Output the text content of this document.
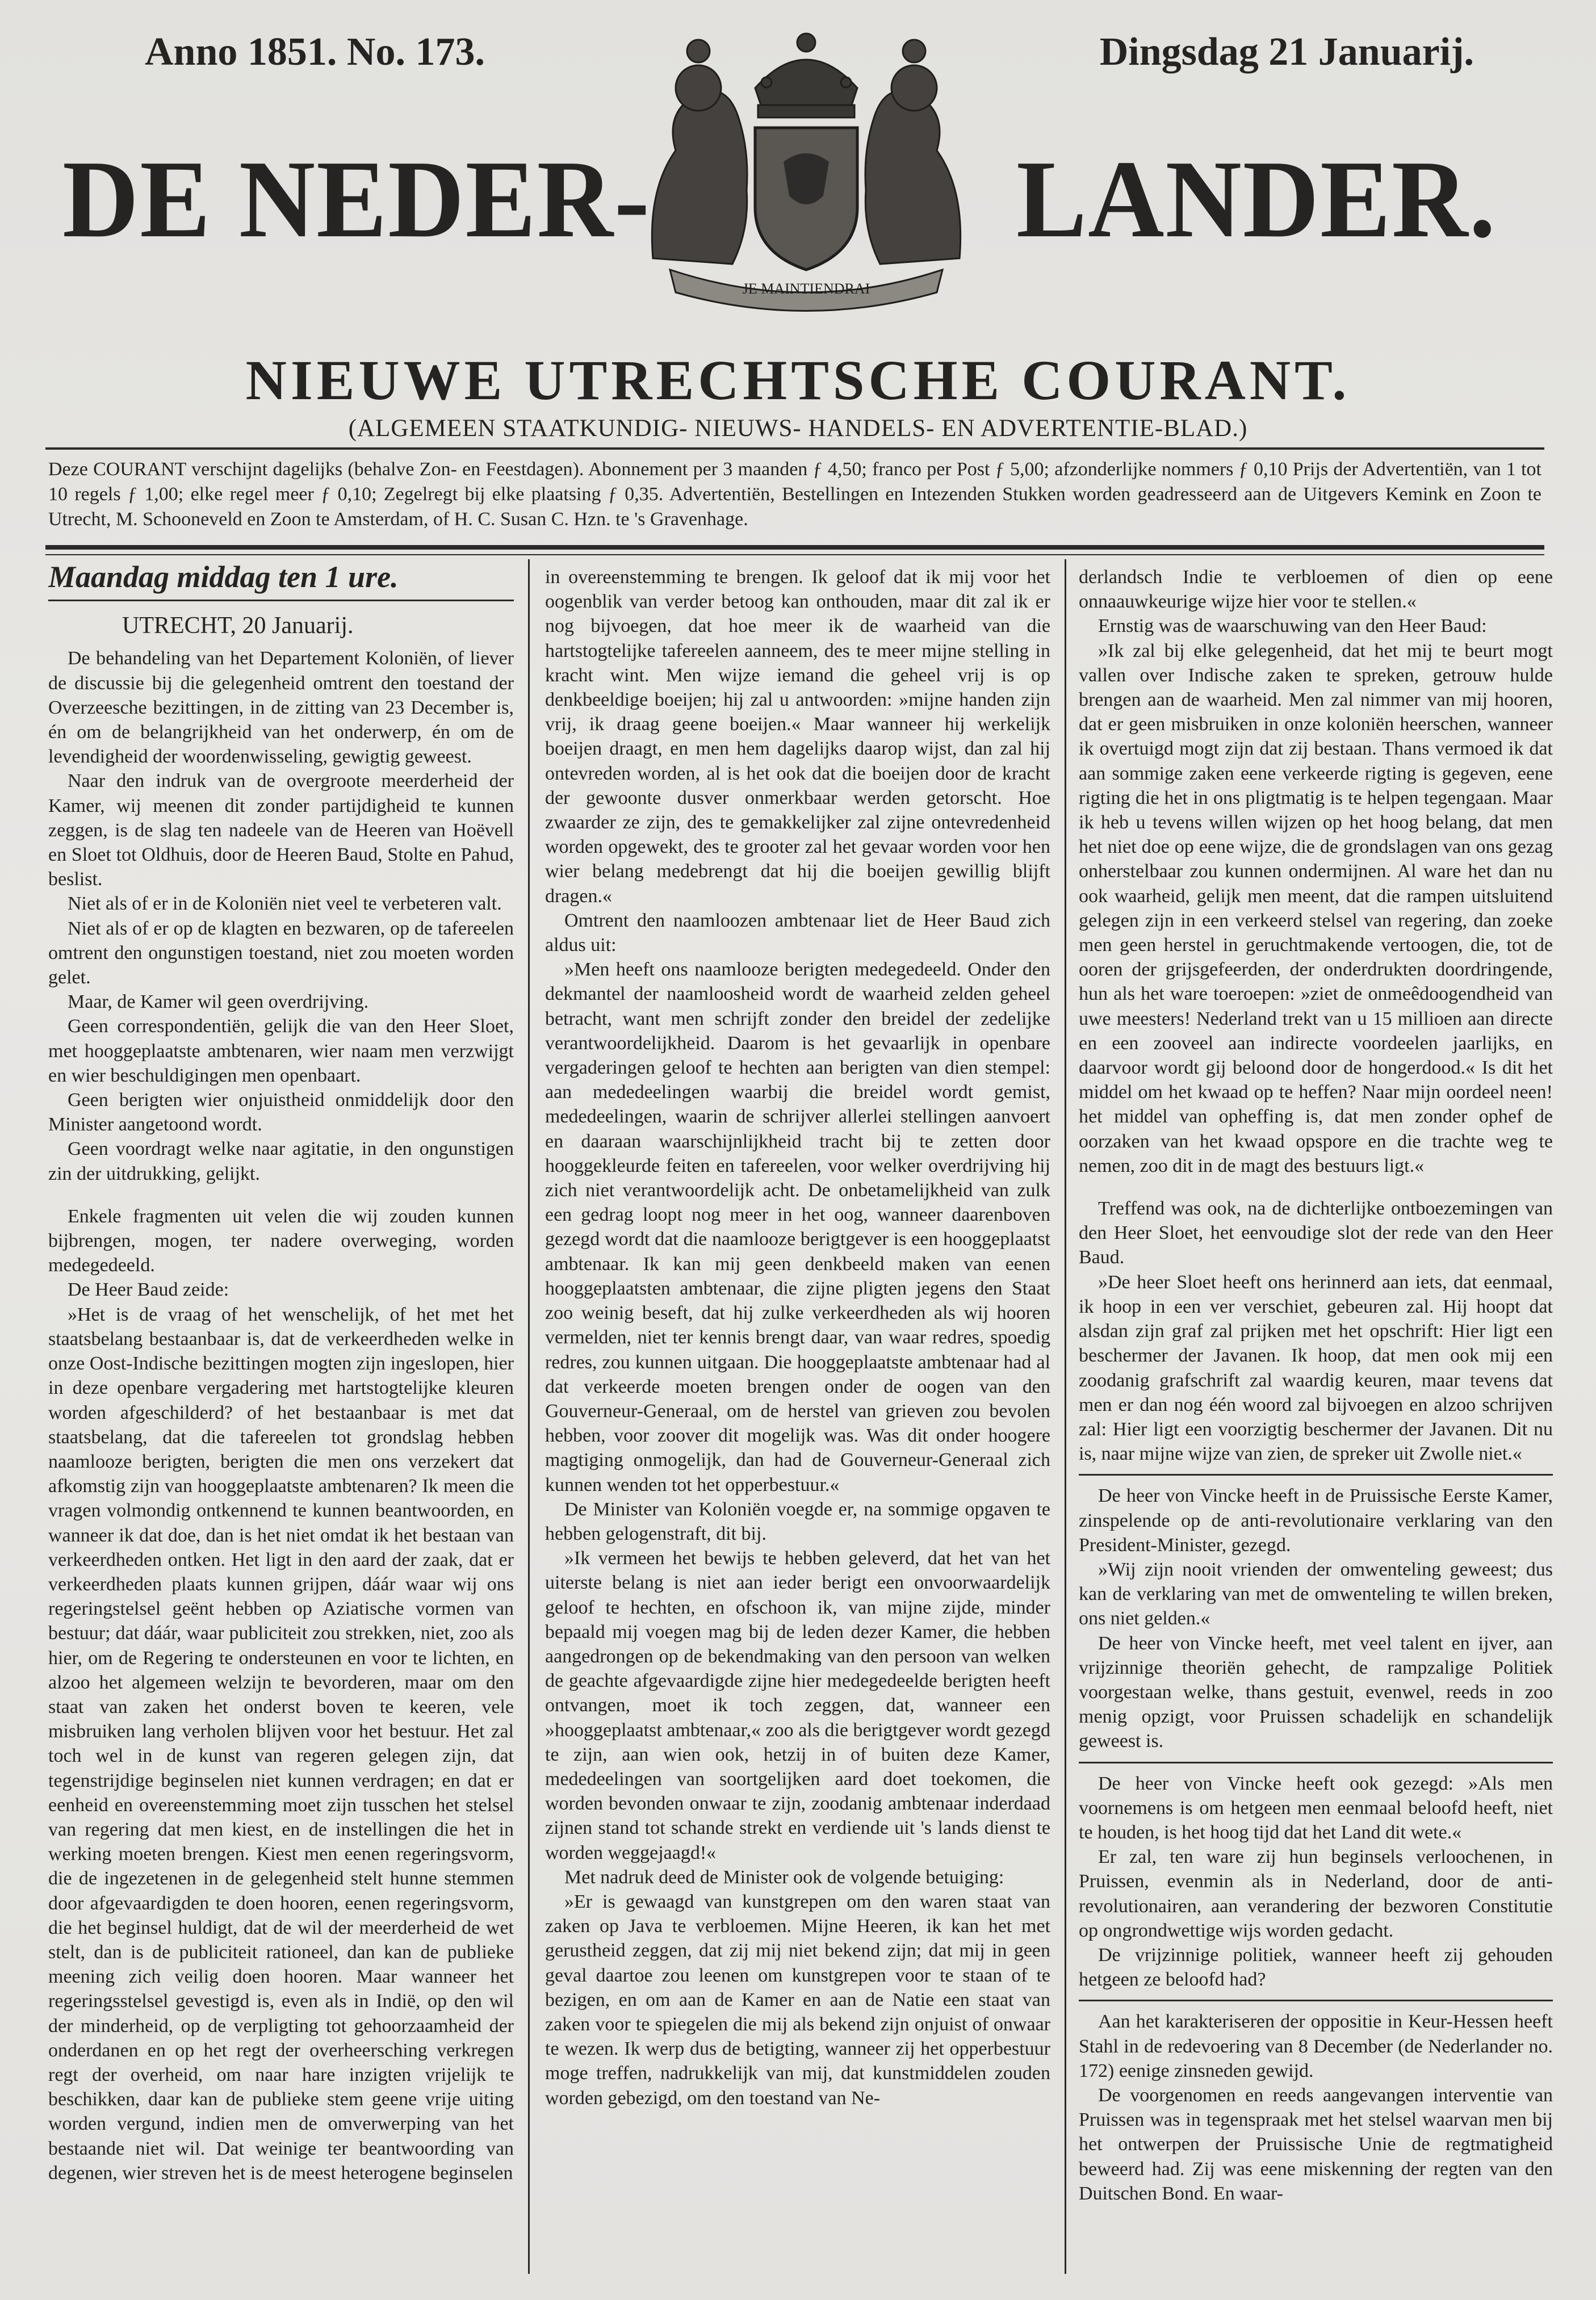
Anno 1851. No. 173.	Dingsdag 21 Januarij.
DE NEDER-	LANDER.
JE MAINTIENDRAI
NIEUWE UTRECHTSCHE COURANT.
(ALGEMEEN STAATKUNDIG- NIEUWS- HANDELS- EN ADVERTENTIE-BLAD.)
Deze COURANT verschijnt dagelijks (behalve Zon- en Feestdagen). Abonnement per 3 maanden ƒ 4,50; franco per Post ƒ 5,00; afzonderlijke nommers ƒ 0,10 Prijs der Advertentiën, van 1 tot 10 regels ƒ 1,00; elke regel meer ƒ 0,10; Zegelregt bij elke plaatsing ƒ 0,35. Advertentiën, Bestellingen en Intezenden Stukken worden geadresseerd aan de Uitgevers Kemink en Zoon te Utrecht, M. Schooneveld en Zoon te Amsterdam, of H. C. Susan C. Hzn. te 's Gravenhage.
Maandag middag ten 1 ure.
UTRECHT, 20 Januarij.

De behandeling van het Departement Koloniën, of liever de discussie bij die gelegenheid omtrent den toestand der Overzeesche bezittingen, in de zitting van 23 December is, én om de belangrijkheid van het onderwerp, én om de levendigheid der woordenwisseling, gewigtig geweest.

Naar den indruk van de overgroote meerderheid der Kamer, wij meenen dit zonder partijdigheid te kunnen zeggen, is de slag ten nadeele van de Heeren van Hoëvell en Sloet tot Oldhuis, door de Heeren Baud, Stolte en Pahud, beslist.

Niet als of er in de Koloniën niet veel te verbeteren valt.

Niet als of er op de klagten en bezwaren, op de tafereelen omtrent den ongunstigen toestand, niet zou moeten worden gelet.

Maar, de Kamer wil geen overdrijving.

Geen correspondentiën, gelijk die van den Heer Sloet, met hooggeplaatste ambtenaren, wier naam men verzwijgt en wier beschuldigingen men openbaart.

Geen berigten wier onjuistheid onmiddelijk door den Minister aangetoond wordt.

Geen voordragt welke naar agitatie, in den ongunstigen zin der uitdrukking, gelijkt.

Enkele fragmenten uit velen die wij zouden kunnen bijbrengen, mogen, ter nadere overweging, worden medegedeeld.

De Heer Baud zeide:

»Het is de vraag of het wenschelijk, of het met het staatsbelang bestaanbaar is, dat de verkeerdheden welke in onze Oost-Indische bezittingen mogten zijn ingeslopen, hier in deze openbare vergadering met hartstogtelijke kleuren worden afgeschilderd? of het bestaanbaar is met dat staatsbelang, dat die tafereelen tot grondslag hebben naamlooze berigten, berigten die men ons verzekert dat afkomstig zijn van hooggeplaatste ambtenaren? Ik meen die vragen volmondig ontkennend te kunnen beantwoorden, en wanneer ik dat doe, dan is het niet omdat ik het bestaan van verkeerdheden ontken. Het ligt in den aard der zaak, dat er verkeerdheden plaats kunnen grijpen, dáár waar wij ons regeringstelsel geënt hebben op Aziatische vormen van bestuur; dat dáár, waar publiciteit zou strekken, niet, zoo als hier, om de Regering te ondersteunen en voor te lichten, en alzoo het algemeen welzijn te bevorderen, maar om den staat van zaken het onderst boven te keeren, vele misbruiken lang verholen blijven voor het bestuur. Het zal toch wel in de kunst van regeren gelegen zijn, dat tegenstrijdige beginselen niet kunnen verdragen; en dat er eenheid en overeenstemming moet zijn tusschen het stelsel van regering dat men kiest, en de instellingen die het in werking moeten brengen. Kiest men eenen regeringsvorm, die de ingezetenen in de gelegenheid stelt hunne stemmen door afgevaardigden te doen hooren, eenen regeringsvorm, die het beginsel huldigt, dat de wil der meerderheid de wet stelt, dan is de publiciteit rationeel, dan kan de publieke meening zich veilig doen hooren. Maar wanneer het regeringsstelsel gevestigd is, even als in Indië, op den wil der minderheid, op de verpligting tot gehoorzaamheid der onderdanen en op het regt der overheersching verkregen regt der overheid, om naar hare inzigten vrijelijk te beschikken, daar kan de publieke stem geene vrije uiting worden vergund, indien men de omverwerping van het bestaande niet wil. Dat weinige ter beantwoording van degenen, wier streven het is de meest heterogene beginselen

in overeenstemming te brengen. Ik geloof dat ik mij voor het oogenblik van verder betoog kan onthouden, maar dit zal ik er nog bijvoegen, dat hoe meer ik de waarheid van die hartstogtelijke tafereelen aanneem, des te meer mijne stelling in kracht wint. Men wijze iemand die geheel vrij is op denkbeeldige boeijen; hij zal u antwoorden: »mijne handen zijn vrij, ik draag geene boeijen.« Maar wanneer hij werkelijk boeijen draagt, en men hem dagelijks daarop wijst, dan zal hij ontevreden worden, al is het ook dat die boeijen door de kracht der gewoonte dusver onmerkbaar werden getorscht. Hoe zwaarder ze zijn, des te gemakkelijker zal zijne ontevredenheid worden opgewekt, des te grooter zal het gevaar worden voor hen wier belang medebrengt dat hij die boeijen gewillig blijft dragen.«

Omtrent den naamloozen ambtenaar liet de Heer Baud zich aldus uit:

»Men heeft ons naamlooze berigten medegedeeld. Onder den dekmantel der naamloosheid wordt de waarheid zelden geheel betracht, want men schrijft zonder den breidel der zedelijke verantwoordelijkheid. Daarom is het gevaarlijk in openbare vergaderingen geloof te hechten aan berigten van dien stempel: aan mededeelingen waarbij die breidel wordt gemist, mededeelingen, waarin de schrijver allerlei stellingen aanvoert en daaraan waarschijnlijkheid tracht bij te zetten door hooggekleurde feiten en tafereelen, voor welker overdrijving hij zich niet verantwoordelijk acht. De onbetamelijkheid van zulk een gedrag loopt nog meer in het oog, wanneer daarenboven gezegd wordt dat die naamlooze berigtgever is een hooggeplaatst ambtenaar. Ik kan mij geen denkbeeld maken van eenen hooggeplaatsten ambtenaar, die zijne pligten jegens den Staat zoo weinig beseft, dat hij zulke verkeerdheden als wij hooren vermelden, niet ter kennis brengt daar, van waar redres, spoedig redres, zou kunnen uitgaan. Die hooggeplaatste ambtenaar had al dat verkeerde moeten brengen onder de oogen van den Gouverneur-Generaal, om de herstel van grieven zou bevolen hebben, voor zoover dit mogelijk was. Was dit onder hoogere magtiging onmogelijk, dan had de Gouverneur-Generaal zich kunnen wenden tot het opperbestuur.«

De Minister van Koloniën voegde er, na sommige opgaven te hebben gelogenstraft, dit bij.

»Ik vermeen het bewijs te hebben geleverd, dat het van het uiterste belang is niet aan ieder berigt een onvoorwaardelijk geloof te hechten, en ofschoon ik, van mijne zijde, minder bepaald mij voegen mag bij de leden dezer Kamer, die hebben aangedrongen op de bekendmaking van den persoon van welken de geachte afgevaardigde zijne hier medegedeelde berigten heeft ontvangen, moet ik toch zeggen, dat, wanneer een »hooggeplaatst ambtenaar,« zoo als die berigtgever wordt gezegd te zijn, aan wien ook, hetzij in of buiten deze Kamer, mededeelingen van soortgelijken aard doet toekomen, die worden bevonden onwaar te zijn, zoodanig ambtenaar inderdaad zijnen stand tot schande strekt en verdiende uit 's lands dienst te worden weggejaagd!«

Met nadruk deed de Minister ook de volgende betuiging:

»Er is gewaagd van kunstgrepen om den waren staat van zaken op Java te verbloemen. Mijne Heeren, ik kan het met gerustheid zeggen, dat zij mij niet bekend zijn; dat mij in geen geval daartoe zou leenen om kunstgrepen voor te staan of te bezigen, en om aan de Kamer en aan de Natie een staat van zaken voor te spiegelen die mij als bekend zijn onjuist of onwaar te wezen. Ik werp dus de betigting, wanneer zij het opperbestuur moge treffen, nadrukkelijk van mij, dat kunstmiddelen zouden worden gebezigd, om den toestand van Ne-

derlandsch Indie te verbloemen of dien op eene onnaauwkeurige wijze hier voor te stellen.«

Ernstig was de waarschuwing van den Heer Baud:

»Ik zal bij elke gelegenheid, dat het mij te beurt mogt vallen over Indische zaken te spreken, getrouw hulde brengen aan de waarheid. Men zal nimmer van mij hooren, dat er geen misbruiken in onze koloniën heerschen, wanneer ik overtuigd mogt zijn dat zij bestaan. Thans vermoed ik dat aan sommige zaken eene verkeerde rigting is gegeven, eene rigting die het in ons pligtmatig is te helpen tegengaan. Maar ik heb u tevens willen wijzen op het hoog belang, dat men het niet doe op eene wijze, die de grondslagen van ons gezag onherstelbaar zou kunnen ondermijnen. Al ware het dan nu ook waarheid, gelijk men meent, dat die rampen uitsluitend gelegen zijn in een verkeerd stelsel van regering, dan zoeke men geen herstel in geruchtmakende vertoogen, die, tot de ooren der grijsgefeerden, der onderdrukten doordringende, hun als het ware toeroepen: »ziet de onmeêdoogendheid van uwe meesters! Nederland trekt van u 15 millioen aan directe en een zooveel aan indirecte voordeelen jaarlijks, en daarvoor wordt gij beloond door de hongerdood.« Is dit het middel om het kwaad op te heffen? Naar mijn oordeel neen! het middel van opheffing is, dat men zonder ophef de oorzaken van het kwaad opspore en die trachte weg te nemen, zoo dit in de magt des bestuurs ligt.«

Treffend was ook, na de dichterlijke ontboezemingen van den Heer Sloet, het eenvoudige slot der rede van den Heer Baud.

»De heer Sloet heeft ons herinnerd aan iets, dat eenmaal, ik hoop in een ver verschiet, gebeuren zal. Hij hoopt dat alsdan zijn graf zal prijken met het opschrift: Hier ligt een beschermer der Javanen. Ik hoop, dat men ook mij een zoodanig grafschrift zal waardig keuren, maar tevens dat men er dan nog één woord zal bijvoegen en alzoo schrijven zal: Hier ligt een voorzigtig beschermer der Javanen. Dit nu is, naar mijne wijze van zien, de spreker uit Zwolle niet.«

De heer von Vincke heeft in de Pruissische Eerste Kamer, zinspelende op de anti-revolutionaire verklaring van den President-Minister, gezegd.

»Wij zijn nooit vrienden der omwenteling geweest; dus kan de verklaring van met de omwenteling te willen breken, ons niet gelden.«

De heer von Vincke heeft, met veel talent en ijver, aan vrijzinnige theoriën gehecht, de rampzalige Politiek voorgestaan welke, thans gestuit, evenwel, reeds in zoo menig opzigt, voor Pruissen schadelijk en schandelijk geweest is.

De heer von Vincke heeft ook gezegd: »Als men voornemens is om hetgeen men eenmaal beloofd heeft, niet te houden, is het hoog tijd dat het Land dit wete.«

Er zal, ten ware zij hun beginsels verloochenen, in Pruissen, evenmin als in Nederland, door de anti-revolutionairen, aan verandering der bezworen Constitutie op ongrondwettige wijs worden gedacht.

De vrijzinnige politiek, wanneer heeft zij gehouden hetgeen ze beloofd had?

Aan het karakteriseren der oppositie in Keur-Hessen heeft Stahl in de redevoering van 8 December (de Nederlander no. 172) eenige zinsneden gewijd.

De voorgenomen en reeds aangevangen interventie van Pruissen was in tegenspraak met het stelsel waarvan men bij het ontwerpen der Pruissische Unie de regtmatigheid beweerd had. Zij was eene miskenning der regten van den Duitschen Bond. En waar-
